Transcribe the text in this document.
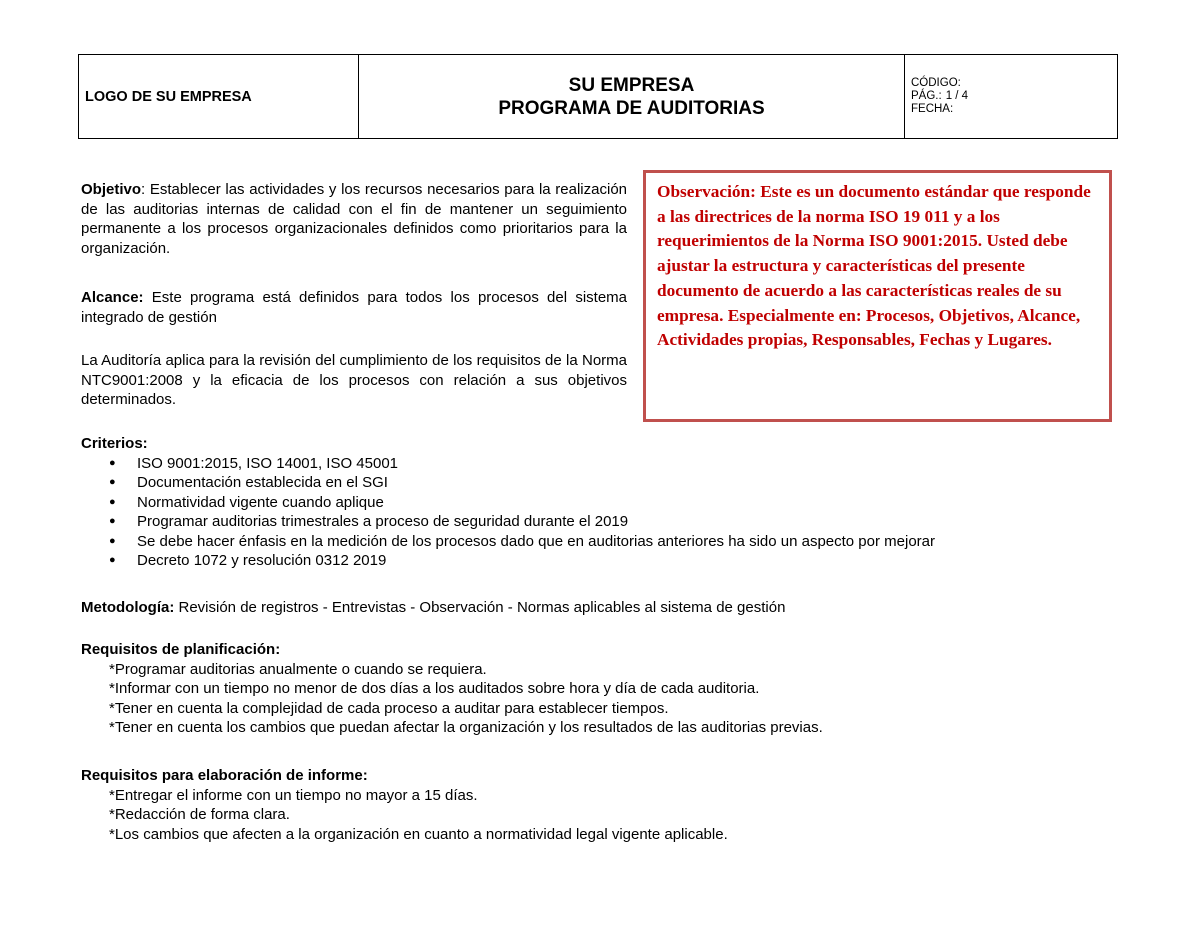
LOGO DE SU EMPRESA
SU EMPRESA
PROGRAMA DE AUDITORIAS
CÓDIGO:
PÁG.: 1 / 4
FECHA:
Objetivo: Establecer las actividades y los recursos necesarios para la realización de las auditorias internas de calidad con el fin de mantener un seguimiento permanente a los procesos organizacionales definidos como prioritarios para la organización.
Alcance: Este programa está definidos para todos los procesos del sistema integrado de gestión
La Auditoría aplica para la revisión del cumplimiento de los requisitos de la Norma NTC9001:2008 y la eficacia de los procesos con relación a sus objetivos determinados.
Observación: Este es un documento estándar que responde a las directrices de la norma ISO 19 011 y a los requerimientos de la Norma ISO 9001:2015. Usted debe ajustar la estructura y características del presente documento de acuerdo a las características reales de su empresa. Especialmente en: Procesos, Objetivos, Alcance, Actividades propias, Responsables, Fechas y Lugares.
Criterios:
● ISO 9001:2015, ISO 14001, ISO 45001
● Documentación establecida en el SGI
● Normatividad vigente cuando aplique
● Programar auditorias trimestrales a proceso de seguridad durante el 2019
● Se debe hacer énfasis en la medición de los procesos dado que en auditorias anteriores ha sido un aspecto por mejorar
● Decreto 1072 y resolución 0312 2019
Metodología: Revisión de registros - Entrevistas - Observación - Normas aplicables al sistema de gestión
Requisitos de planificación:
*Programar auditorias anualmente o cuando se requiera.
*Informar con un tiempo no menor de dos días a los auditados sobre hora y día de cada auditoria.
*Tener en cuenta la complejidad de cada proceso a auditar para establecer tiempos.
*Tener en cuenta los cambios que puedan afectar la organización y los resultados de las auditorias previas.
Requisitos para elaboración de informe:
*Entregar el informe con un tiempo no mayor a 15 días.
*Redacción de forma clara.
*Los cambios que afecten a la organización en cuanto a normatividad legal vigente aplicable.
